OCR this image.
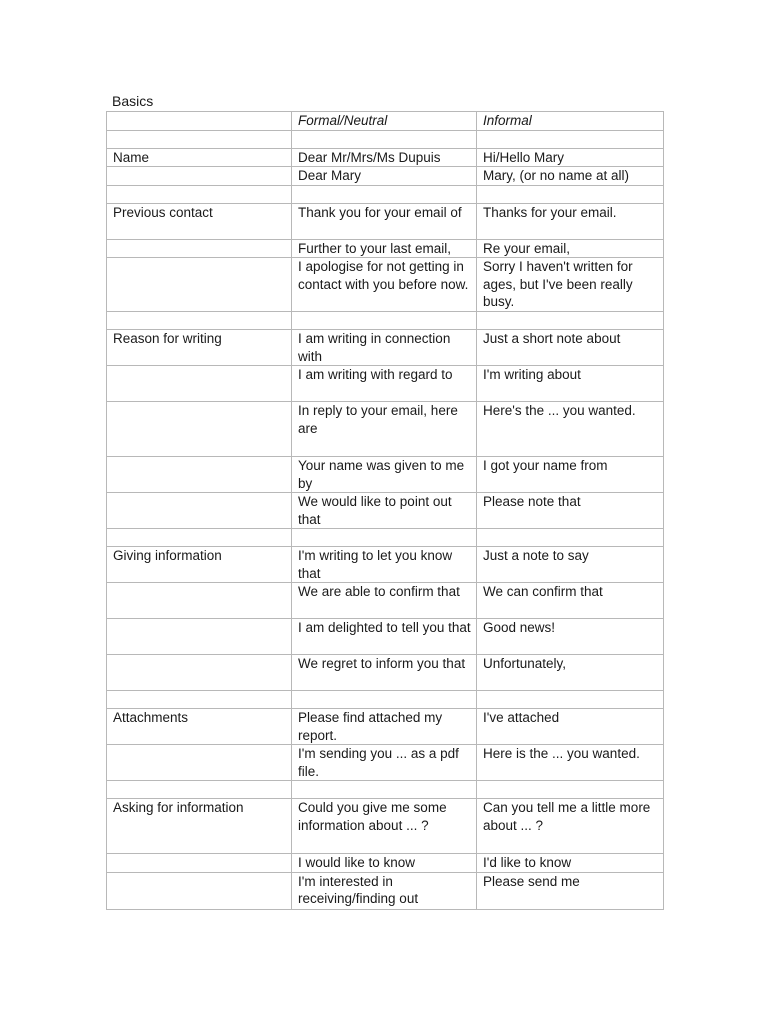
Basics
	Formal/Neutral	Informal

Name	Dear Mr/Mrs/Ms Dupuis	Hi/Hello Mary
	Dear Mary	Mary, (or no name at all)

Previous contact	Thank you for your email of	Thanks for your email.
	Further to your last email,	Re your email,
	I apologise for not getting in contact with you before now.	Sorry I haven't written for ages, but I've been really busy.

Reason for writing	I am writing in connection with	Just a short note about
	I am writing with regard to	I'm writing about
	In reply to your email, here are	Here's the ... you wanted.
	Your name was given to me by	I got your name from
	We would like to point out that	Please note that

Giving information	I'm writing to let you know that	Just a note to say
	We are able to confirm that	We can confirm that
	I am delighted to tell you that	Good news!
	We regret to inform you that	Unfortunately,

Attachments	Please find attached my report.	I've attached
	I'm sending you ... as a pdf file.	Here is the ... you wanted.

Asking for information	Could you give me some information about ... ?	Can you tell me a little more about ... ?
	I would like to know	I'd like to know
	I'm interested in receiving/finding out	Please send me
